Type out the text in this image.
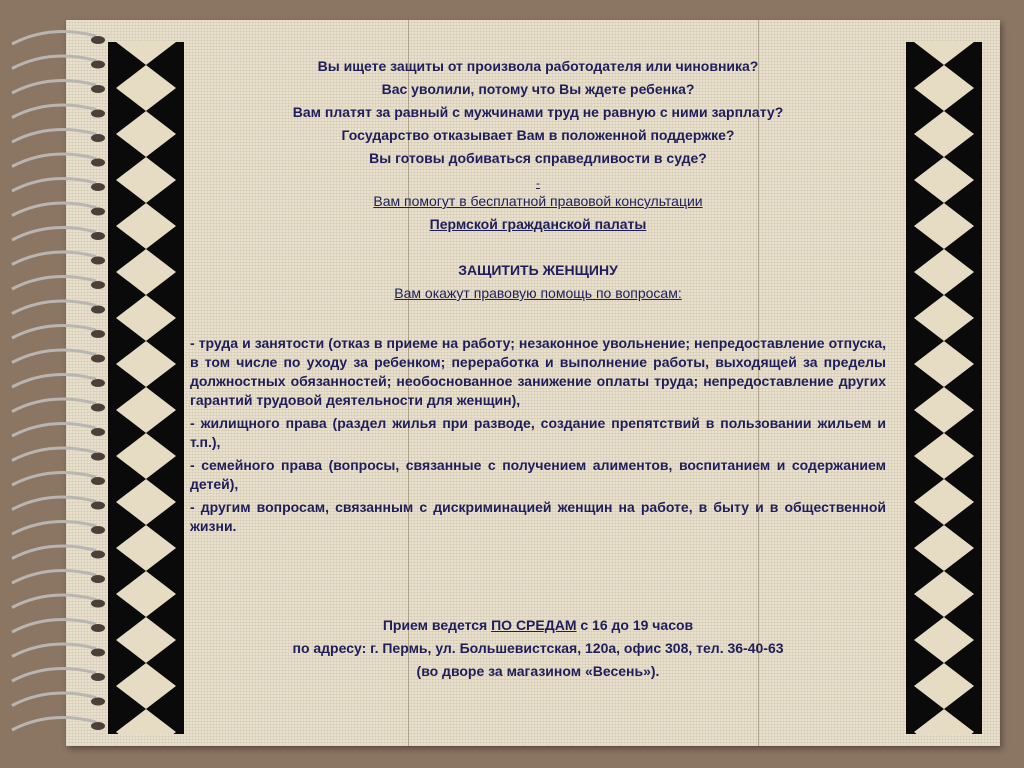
Вы ищете защиты от произвола работодателя или чиновника?

Вас уволили, потому что Вы ждете ребенка?

Вам платят за равный с мужчинами труд не равную с ними зарплату?

Государство отказывает Вам в положенной поддержке?

Вы готовы добиваться справедливости в суде?

-

Вам помогут в бесплатной правовой консультации

Пермской гражданской палаты

ЗАЩИТИТЬ ЖЕНЩИНУ

Вам окажут правовую помощь по вопросам:

- труда и занятости (отказ в приеме на работу; незаконное увольнение; непредоставление отпуска, в том числе по уходу за ребенком; переработка и выполнение работы, выходящей за пределы должностных обязанностей; необоснованное занижение оплаты труда; непредоставление других гарантий трудовой деятельности для женщин),

- жилищного права (раздел жилья при разводе, создание препятствий в пользовании жильем и т.п.),

- семейного права (вопросы, связанные с получением алиментов, воспитанием и содержанием детей),

- другим вопросам, связанным с дискриминацией женщин на работе, в быту и в общественной жизни.

Прием ведется ПО СРЕДАМ с 16 до 19 часов

по адресу: г. Пермь, ул. Большевистская, 120а, офис 308, тел. 36-40-63

(во дворе за магазином «Весень»).
